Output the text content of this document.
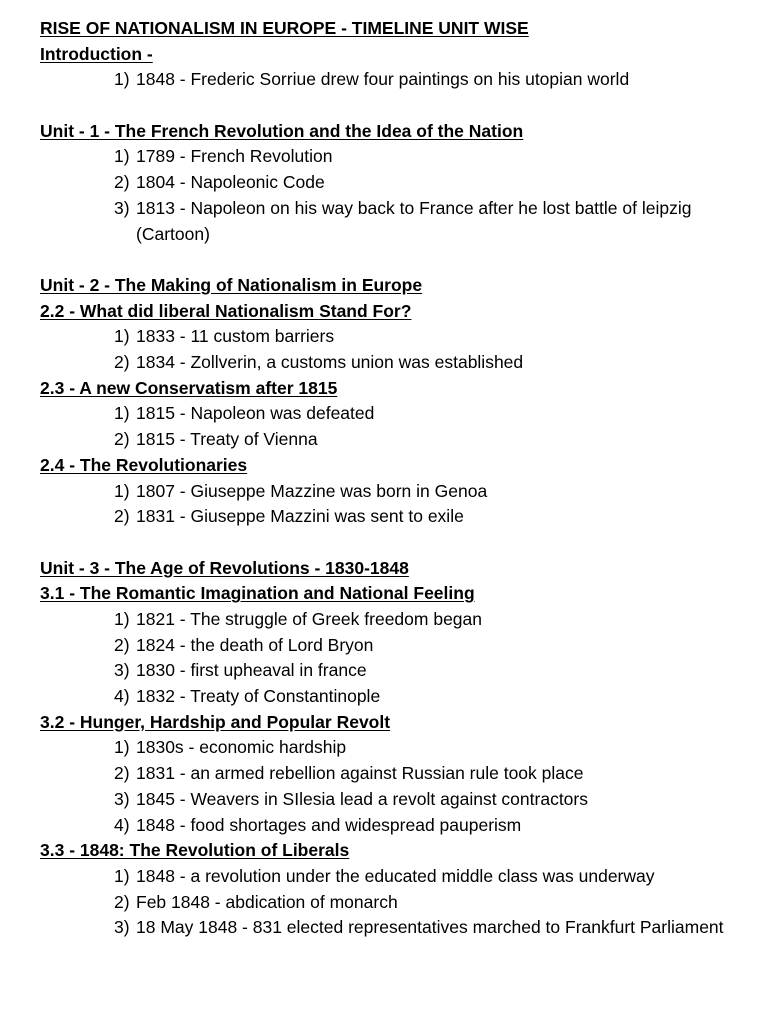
RISE OF NATIONALISM IN EUROPE - TIMELINE UNIT WISE
Introduction -
1) 1848 - Frederic Sorriue drew four paintings on his utopian world
Unit - 1 - The French Revolution and the Idea of the Nation
1) 1789 - French Revolution
2) 1804 - Napoleonic Code
3) 1813 - Napoleon on his way back to France after he lost battle of leipzig (Cartoon)
Unit - 2 - The Making of Nationalism in Europe
2.2 - What did liberal Nationalism Stand For?
1) 1833 - 11 custom barriers
2) 1834 - Zollverin, a customs union was established
2.3 - A new Conservatism after 1815
1) 1815 - Napoleon was defeated
2) 1815 - Treaty of Vienna
2.4 - The Revolutionaries
1) 1807 - Giuseppe Mazzine was born in Genoa
2) 1831 - Giuseppe Mazzini was sent to exile
Unit - 3 - The Age of Revolutions - 1830-1848
3.1 - The Romantic Imagination and National Feeling
1) 1821 - The struggle of Greek freedom began
2) 1824 - the death of Lord Bryon
3) 1830 - first upheaval in france
4) 1832 - Treaty of Constantinople
3.2 - Hunger, Hardship and Popular Revolt
1) 1830s - economic hardship
2) 1831 - an armed rebellion against Russian rule took place
3) 1845 - Weavers in SIlesia lead a revolt against contractors
4) 1848 - food shortages and widespread pauperism
3.3 - 1848: The Revolution of Liberals
1) 1848 - a revolution under the educated middle class was underway
2) Feb 1848 - abdication of monarch
3) 18 May 1848 - 831 elected representatives marched to Frankfurt Parliament
